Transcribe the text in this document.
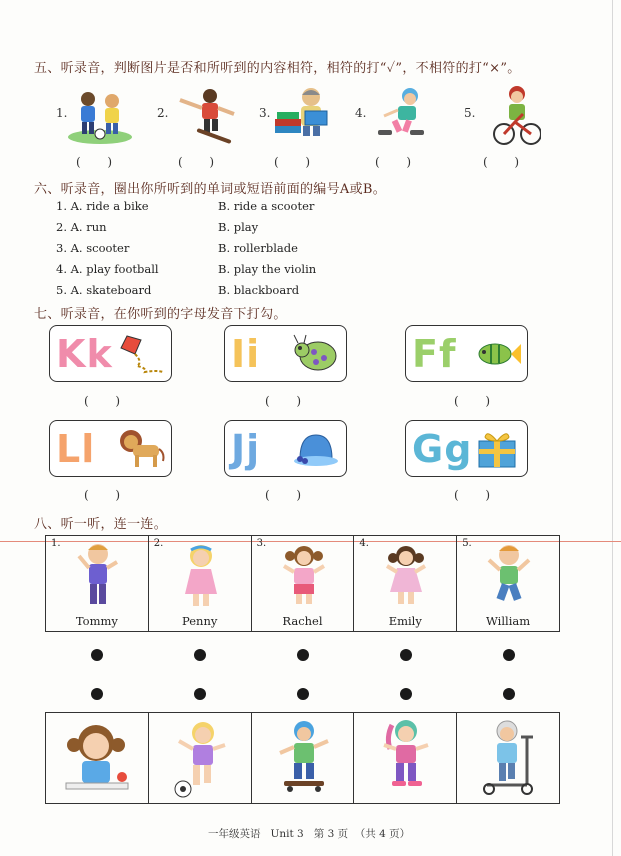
五、听录音，判断图片是否和所听到的内容相符，相符的打“✓”，不相符的打“×”。
1.
(       )
2.
(       )
3.
(       )
4.
(       )
5.
(       )
六、听录音，圈出你所听到的单词或短语前面的编号A或B。
1. A. ride a bike	B. ride a scooter
2. A. run	B. play
3. A. scooter	B. rollerblade
4. A. play football	B. play the violin
5. A. skateboard	B. blackboard
七、听录音，在你听到的字母发音下打勾。
Kk
(       )
Ii
(       )
Ff
(       )
Ll
(       )
Jj
(       )
Gg
(       )
八、听一听，连一连。
1.
Tommy

2.
Penny

3.
Rachel

4.
Emily

5.
William

一年级英语   Unit 3   第 3 页  （共 4 页）
